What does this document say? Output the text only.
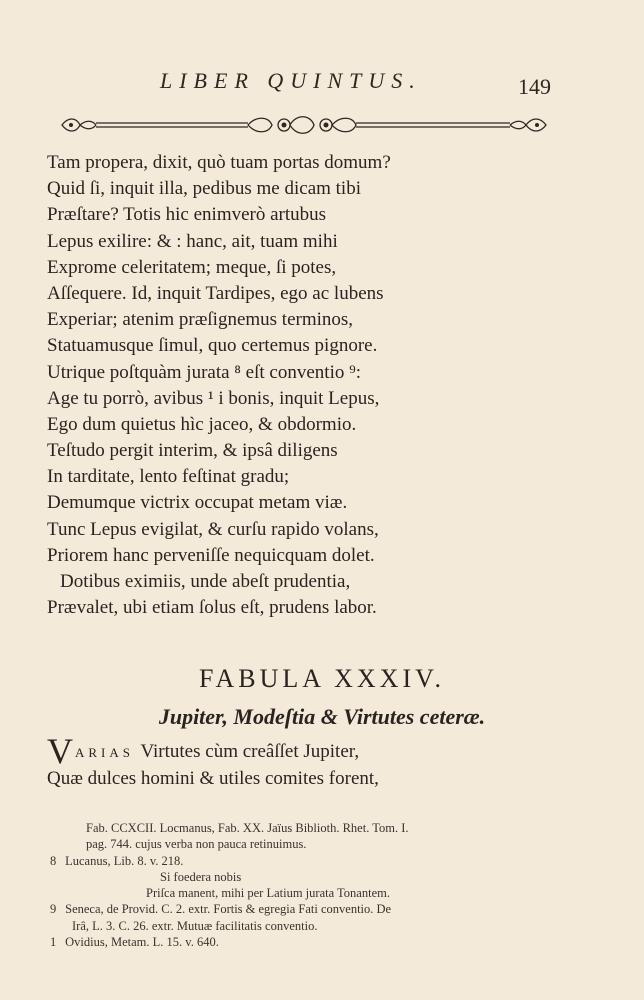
LIBER QUINTUS.	149
Tam propera, dixit, quò tuam portas domum?
Quid ſi, inquit illa, pedibus me dicam tibi
Præſtare? Totis hic enimverò artubus
Lepus exilire: & : hanc, ait, tuam mihi
Exprome celeritatem; meque, ſi potes,
Aſſequere. Id, inquit Tardipes, ego ac lubens
Experiar; atenim præſignemus terminos,
Statuamusque ſimul, quo certemus pignore.
Utrique poſtquàm jurata ⁸ eſt conventio ⁹:
Age tu porrò, avibus ¹ i bonis, inquit Lepus,
Ego dum quietus hìc jaceo, & obdormio.
Teſtudo pergit interim, & ipsâ diligens
In tarditate, lento feſtinat gradu;
Demumque victrix occupat metam viæ.
Tunc Lepus evigilat, & curſu rapido volans,
Priorem hanc perveniſſe nequicquam dolet.
Dotibus eximiis, unde abeſt prudentia,
Prævalet, ubi etiam ſolus eſt, prudens labor.
FABULA XXXIV.
Jupiter, Modeſtia & Virtutes ceteræ.
VARIAS Virtutes cùm creâſſet Jupiter,
Quæ dulces homini & utiles comites forent,
Fab. CCXCII. Locmanus, Fab. XX. Jaïus Biblioth. Rhet. Tom. I.
pag. 744. cujus verba non pauca retinuimus.
8 Lucanus, Lib. 8. v. 218.
Si foedera nobis
Priſca manent, mihi per Latium jurata Tonantem.
9 Seneca, de Provid. C. 2. extr. Fortis & egregia Fati conventio. De
Irâ, L. 3. C. 26. extr. Mutuæ facilitatis conventio.
1 Ovidius, Metam. L. 15. v. 640.
